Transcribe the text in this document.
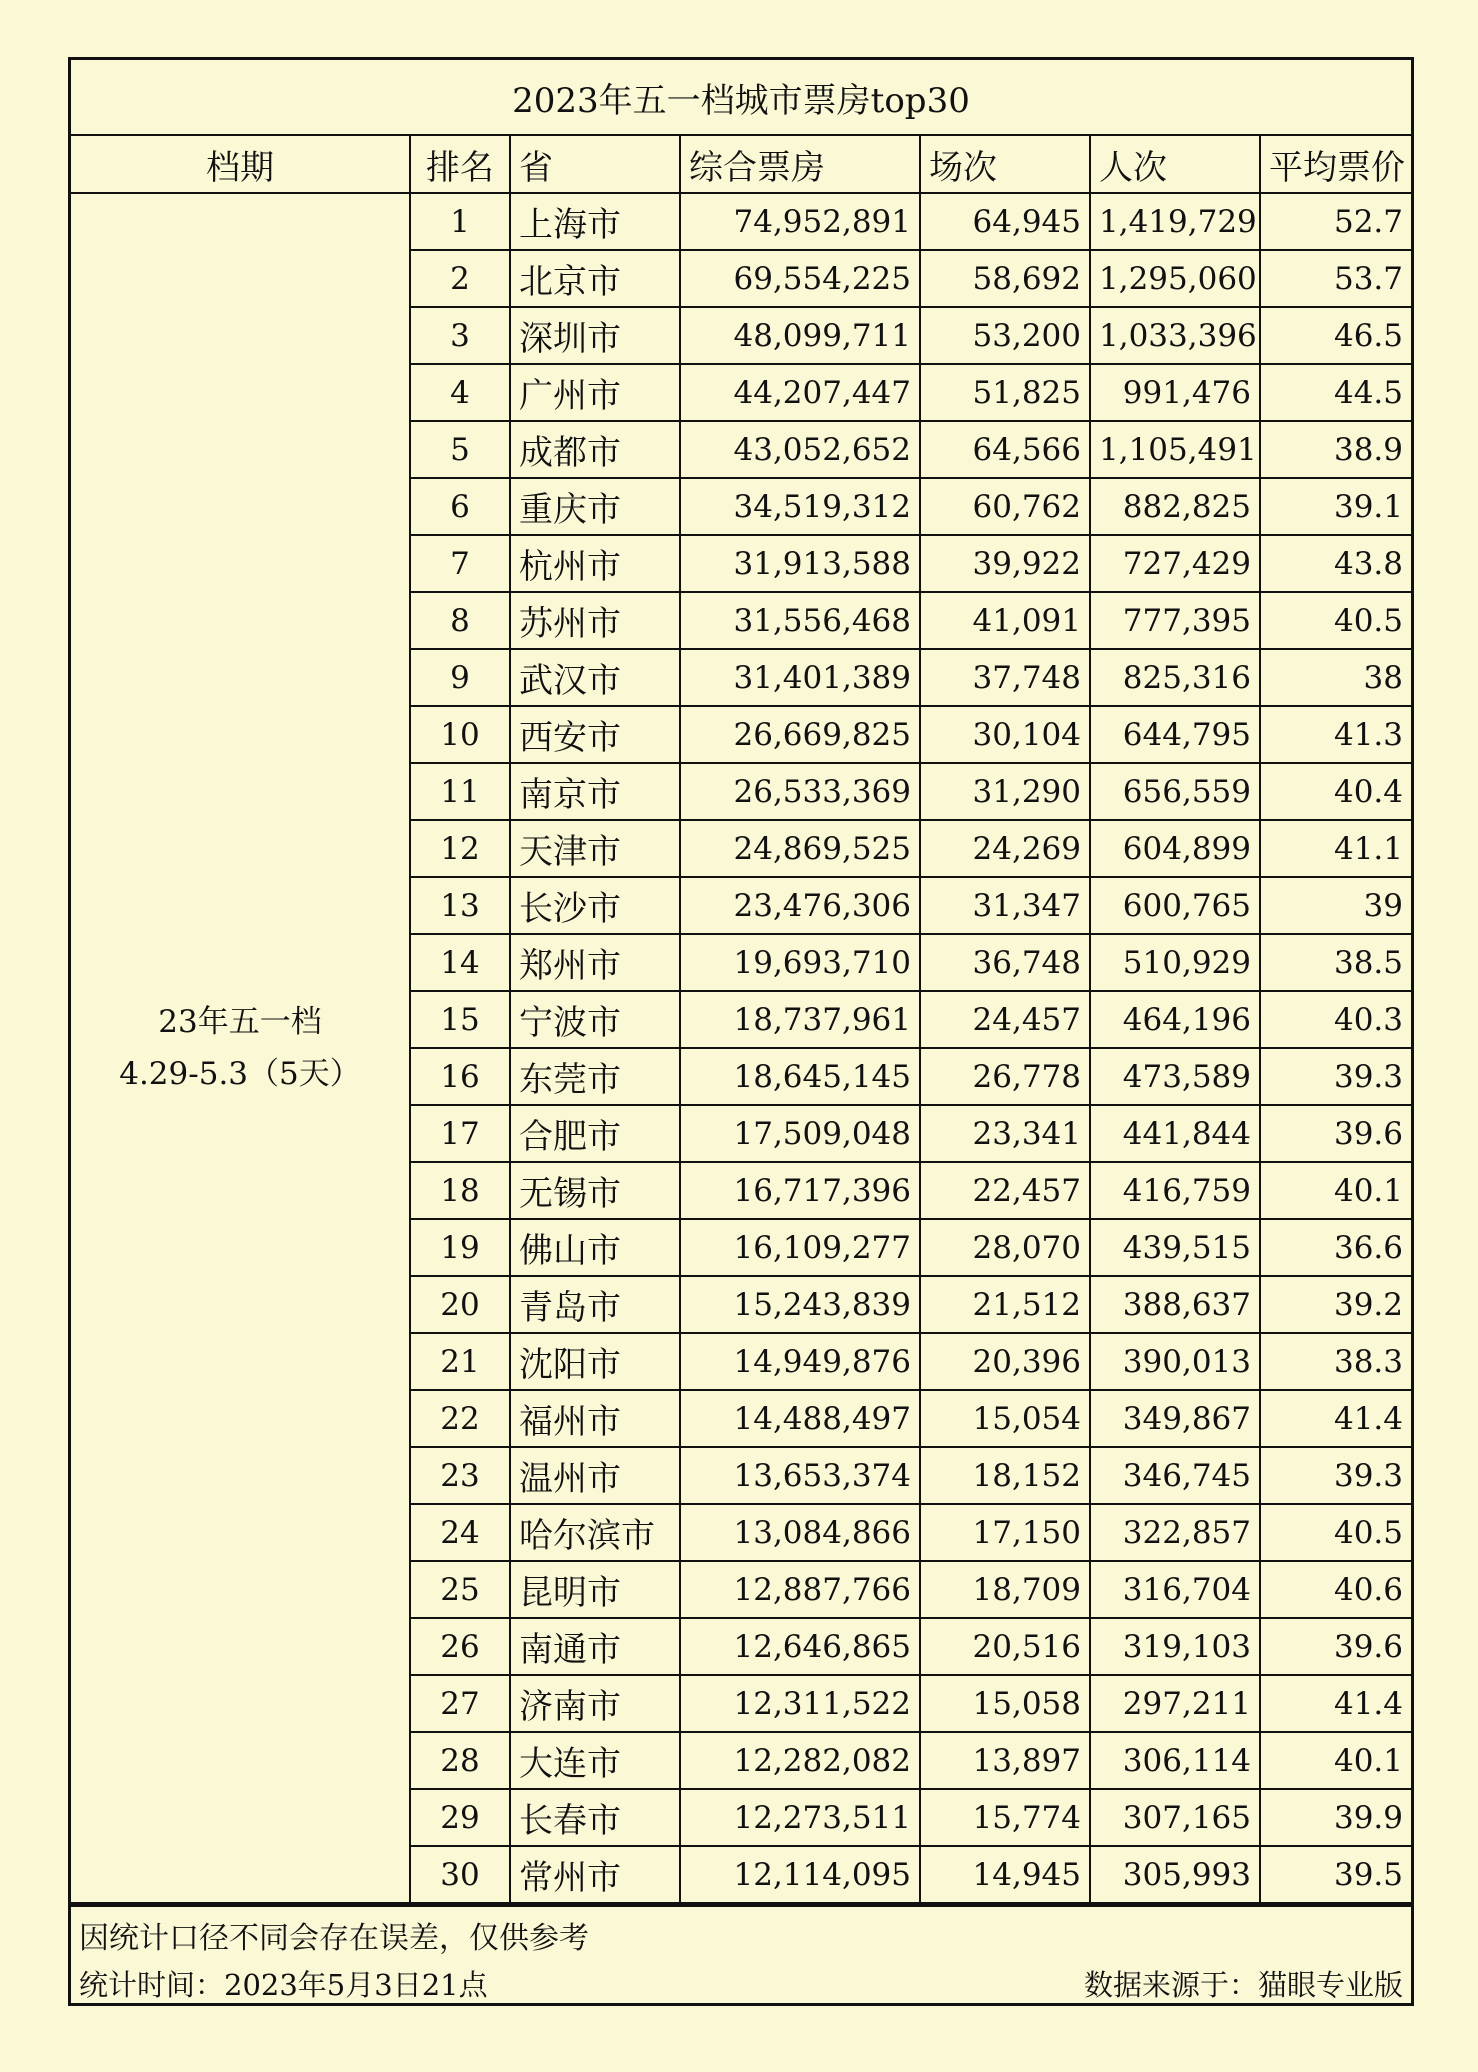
2023年五一档城市票房top30						
档期	排名	省	综合票房	场次	人次	平均票价

23年五一档
4.29-5.3（5天）	1	上海市	74,952,891	64,945	1,419,729	52.7
	2	北京市	69,554,225	58,692	1,295,060	53.7
	3	深圳市	48,099,711	53,200	1,033,396	46.5
	4	广州市	44,207,447	51,825	991,476	44.5
	5	成都市	43,052,652	64,566	1,105,491	38.9
	6	重庆市	34,519,312	60,762	882,825	39.1
	7	杭州市	31,913,588	39,922	727,429	43.8
	8	苏州市	31,556,468	41,091	777,395	40.5
	9	武汉市	31,401,389	37,748	825,316	38
	10	西安市	26,669,825	30,104	644,795	41.3
	11	南京市	26,533,369	31,290	656,559	40.4
	12	天津市	24,869,525	24,269	604,899	41.1
	13	长沙市	23,476,306	31,347	600,765	39
	14	郑州市	19,693,710	36,748	510,929	38.5
	15	宁波市	18,737,961	24,457	464,196	40.3
	16	东莞市	18,645,145	26,778	473,589	39.3
	17	合肥市	17,509,048	23,341	441,844	39.6
	18	无锡市	16,717,396	22,457	416,759	40.1
	19	佛山市	16,109,277	28,070	439,515	36.6
	20	青岛市	15,243,839	21,512	388,637	39.2
	21	沈阳市	14,949,876	20,396	390,013	38.3
	22	福州市	14,488,497	15,054	349,867	41.4
	23	温州市	13,653,374	18,152	346,745	39.3
	24	哈尔滨市	13,084,866	17,150	322,857	40.5
	25	昆明市	12,887,766	18,709	316,704	40.6
	26	南通市	12,646,865	20,516	319,103	39.6
	27	济南市	12,311,522	15,058	297,211	41.4
	28	大连市	12,282,082	13,897	306,114	40.1
	29	长春市	12,273,511	15,774	307,165	39.9
	30	常州市	12,114,095	14,945	305,993	39.5
因统计口径不同会存在误差，仅供参考
统计时间：2023年5月3日21点	数据来源于：猫眼专业版
